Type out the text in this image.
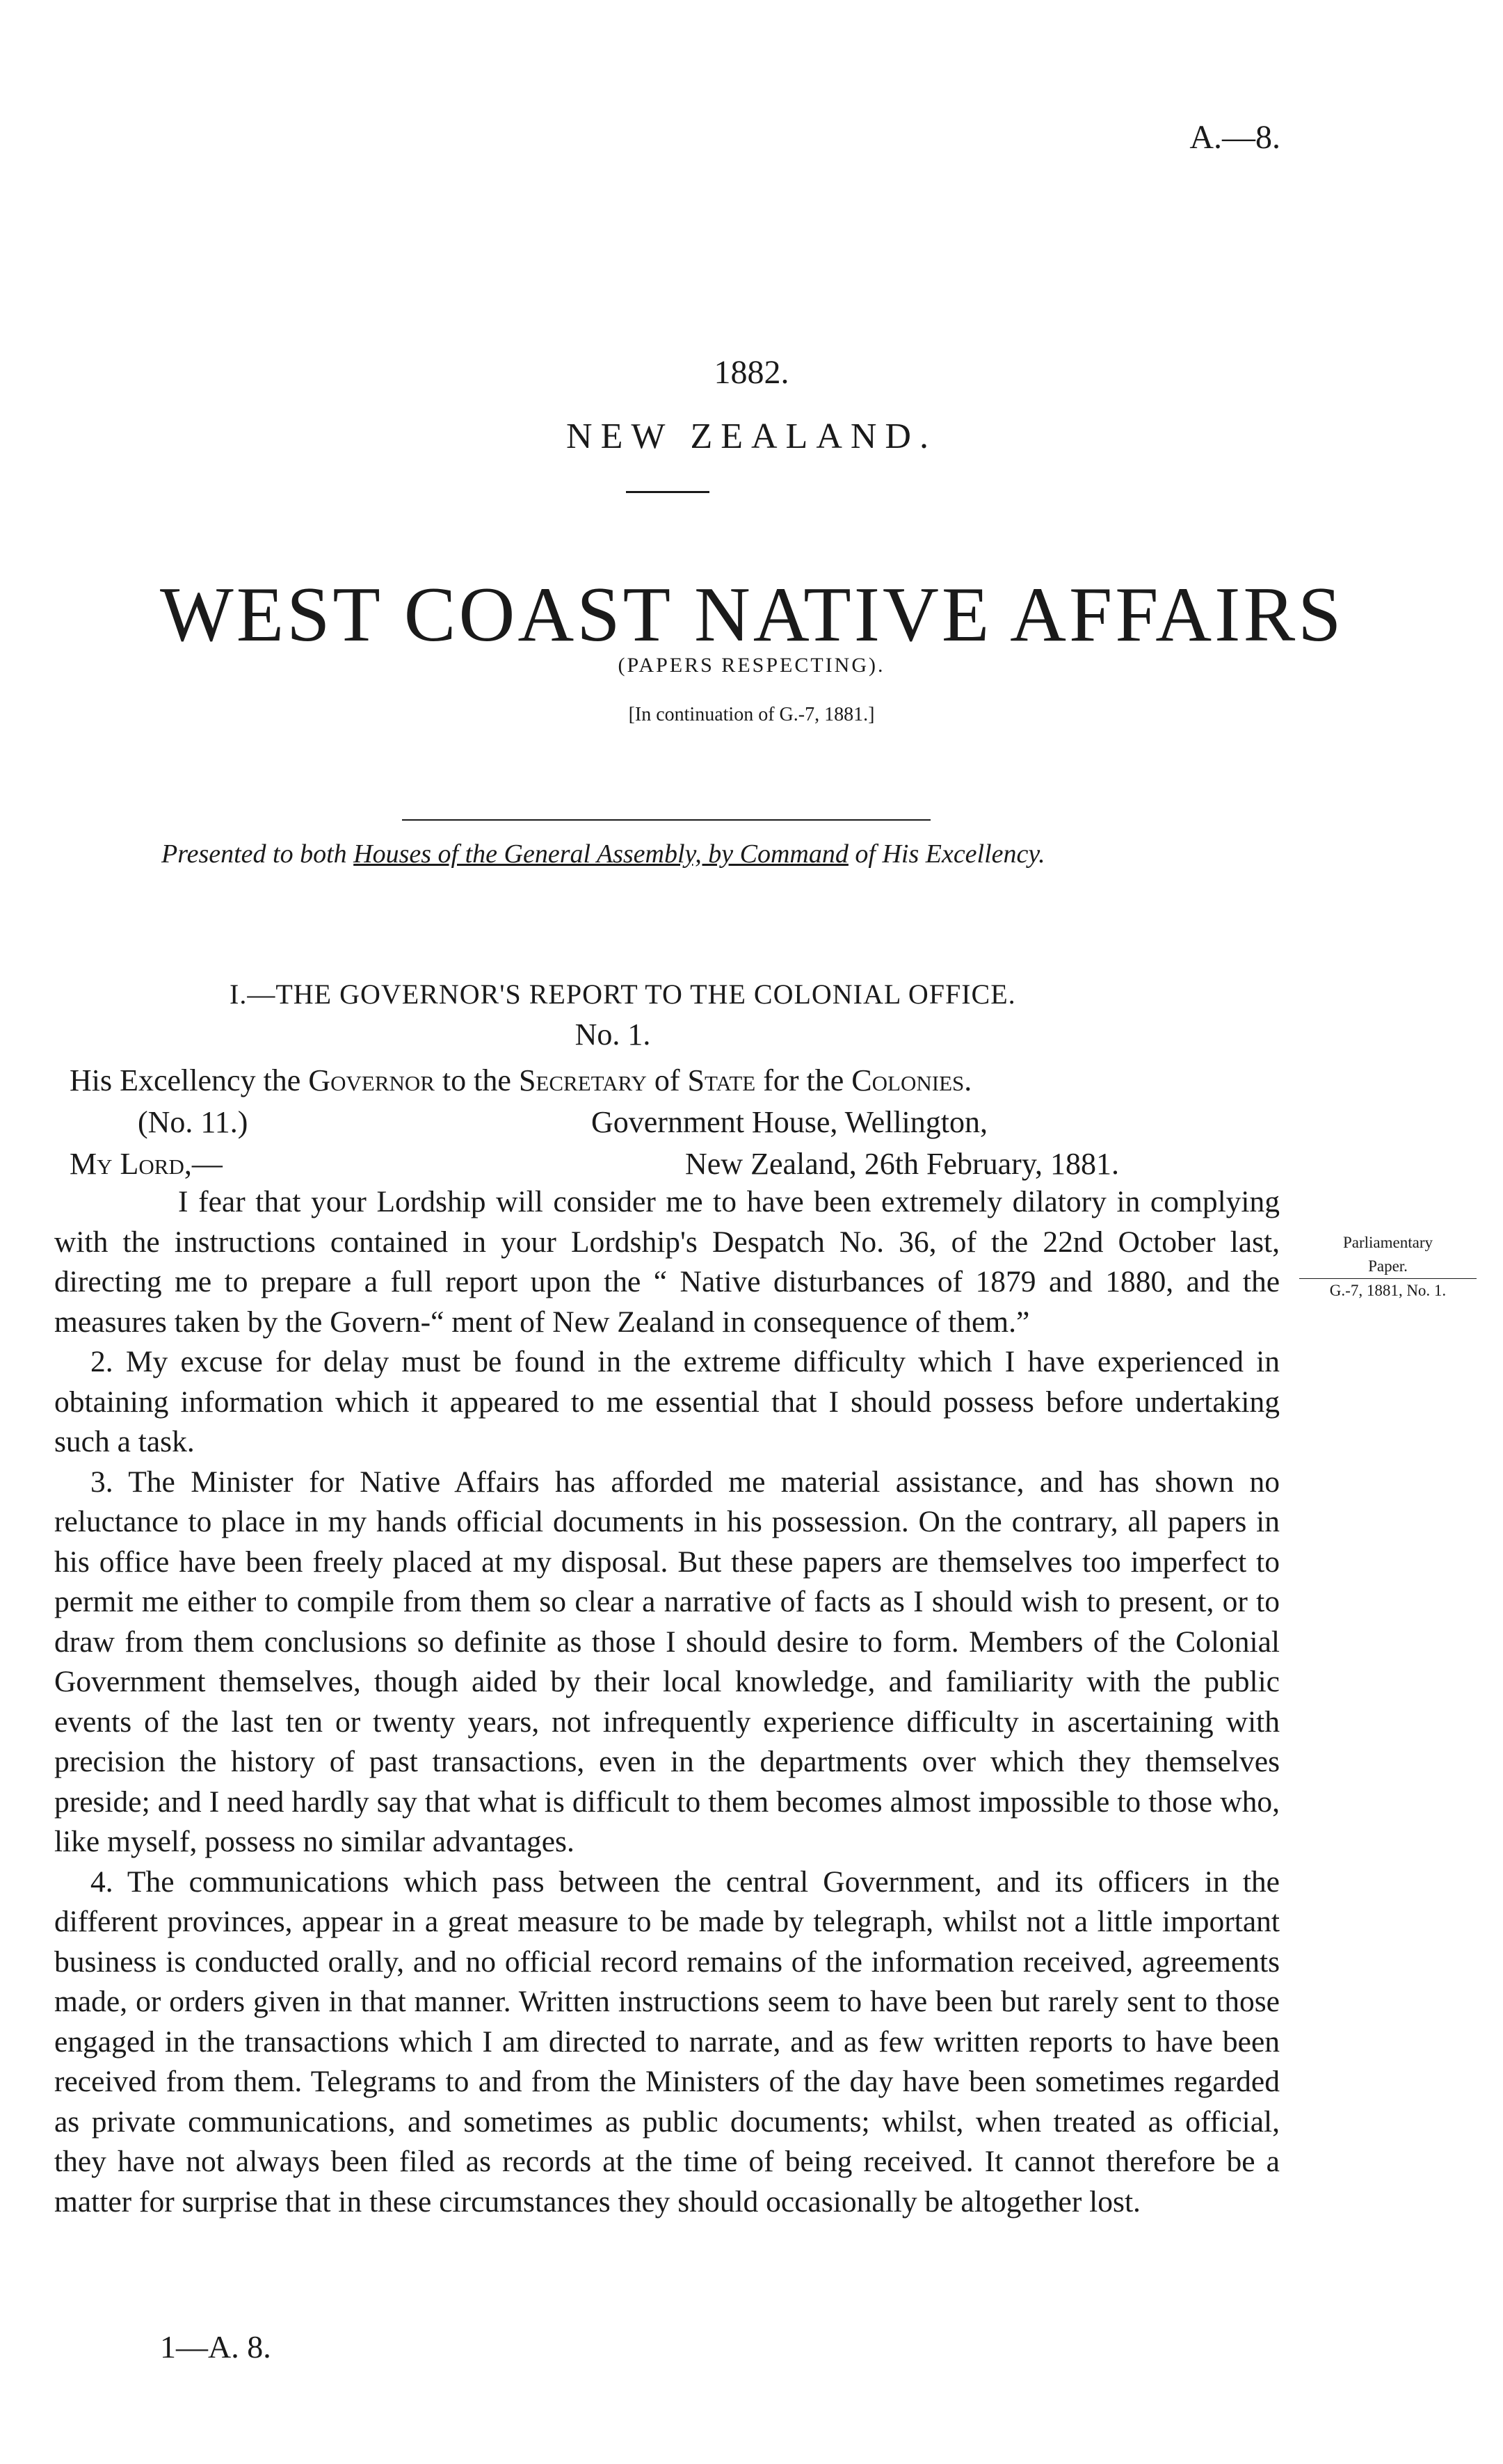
A.—8.
1882.
NEW ZEALAND.
WEST COAST NATIVE AFFAIRS
(PAPERS RESPECTING).
[In continuation of G.-7, 1881.]
Presented to both Houses of the General Assembly, by Command of His Excellency.
I.—THE GOVERNOR'S REPORT TO THE COLONIAL OFFICE.
No. 1.
His Excellency the Governor to the Secretary of State for the Colonies.
(No. 11.)	Government House, Wellington,
My Lord,—	New Zealand, 26th February, 1881.

I fear that your Lordship will consider me to have been extremely dilatory in complying with the instructions contained in your Lordship's Despatch No. 36, of the 22nd October last, directing me to prepare a full report upon the “ Native disturbances of 1879 and 1880, and the measures taken by the Govern-“ ment of New Zealand in consequence of them.”

2. My excuse for delay must be found in the extreme difficulty which I have experienced in obtaining information which it appeared to me essential that I should possess before undertaking such a task.

3. The Minister for Native Affairs has afforded me material assistance, and has shown no reluctance to place in my hands official documents in his possession. On the contrary, all papers in his office have been freely placed at my disposal. But these papers are themselves too imperfect to permit me either to compile from them so clear a narrative of facts as I should wish to present, or to draw from them conclusions so definite as those I should desire to form. Members of the Colonial Government themselves, though aided by their local knowledge, and familiarity with the public events of the last ten or twenty years, not infrequently experience difficulty in ascertaining with precision the history of past transactions, even in the departments over which they themselves preside; and I need hardly say that what is difficult to them becomes almost impossible to those who, like myself, possess no similar advantages.

4. The communications which pass between the central Government, and its officers in the different provinces, appear in a great measure to be made by telegraph, whilst not a little important business is conducted orally, and no official record remains of the information received, agreements made, or orders given in that manner. Written instructions seem to have been but rarely sent to those engaged in the transactions which I am directed to narrate, and as few written reports to have been received from them. Telegrams to and from the Ministers of the day have been sometimes regarded as private communications, and sometimes as public documents; whilst, when treated as official, they have not always been filed as records at the time of being received. It cannot therefore be a matter for surprise that in these circumstances they should occasionally be altogether lost.

Parliamentary
Paper.
G.-7, 1881, No. 1.
1—A. 8.
